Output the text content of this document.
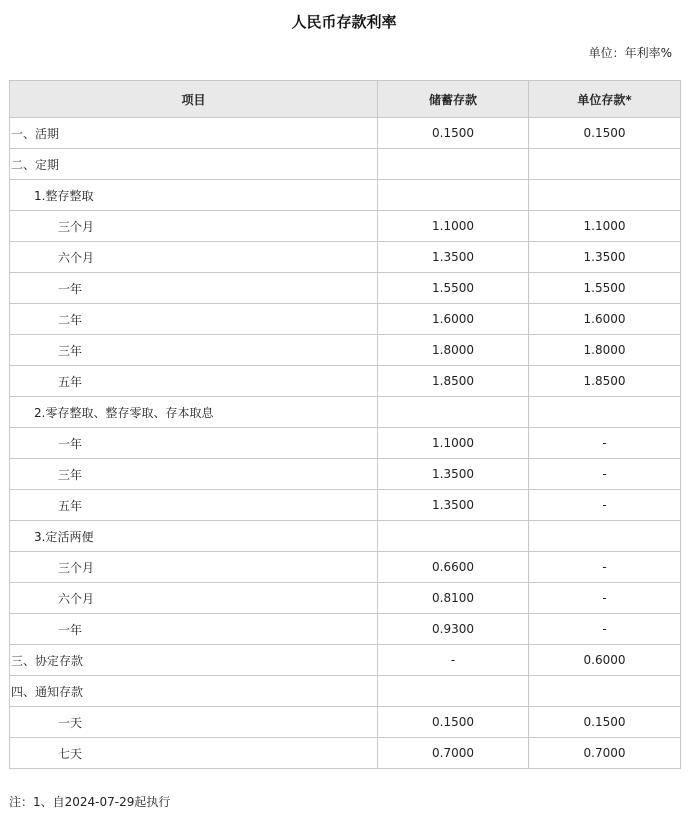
人民币存款利率
单位：年利率%
项目	储蓄存款	单位存款*
一、活期	0.1500	0.1500
二、定期		
1.整存整取		
三个月	1.1000	1.1000
六个月	1.3500	1.3500
一年	1.5500	1.5500
二年	1.6000	1.6000
三年	1.8000	1.8000
五年	1.8500	1.8500
2.零存整取、整存零取、存本取息		
一年	1.1000	-
三年	1.3500	-
五年	1.3500	-
3.定活两便		
三个月	0.6600	-
六个月	0.8100	-
一年	0.9300	-
三、协定存款	-	0.6000
四、通知存款		
一天	0.1500	0.1500
七天	0.7000	0.7000
注：1、自2024-07-29起执行
